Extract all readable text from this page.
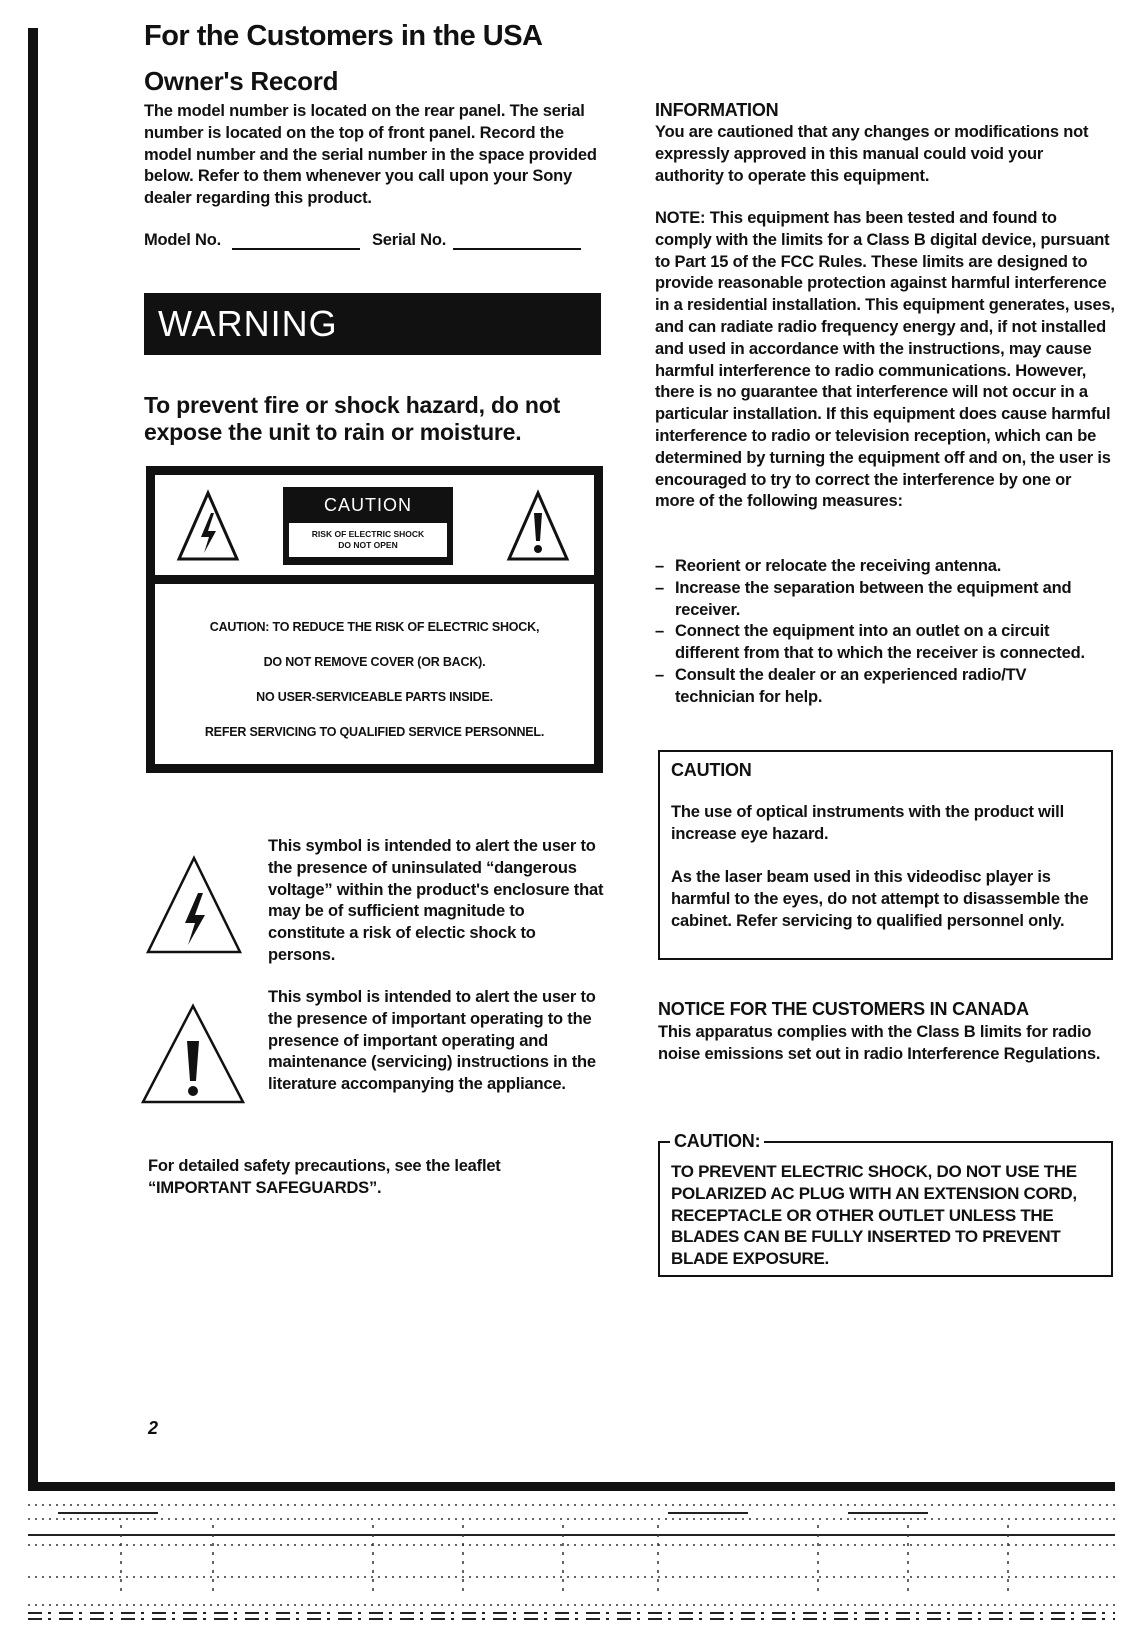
For the Customers in the USA
Owner's Record
The model number is located on the rear panel. The serial number is located on the top of front panel. Record the model number and the serial number in the space provided below. Refer to them whenever you call upon your Sony dealer regarding this product.
Model No.	Serial No.
WARNING
To prevent fire or shock hazard, do not expose the unit to rain or moisture.
CAUTION
RISK OF ELECTRIC SHOCK
DO NOT OPEN
CAUTION: TO REDUCE THE RISK OF ELECTRIC SHOCK,
DO NOT REMOVE COVER (OR BACK).
NO USER-SERVICEABLE PARTS INSIDE.
REFER SERVICING TO QUALIFIED SERVICE PERSONNEL.
This symbol is intended to alert the user to the presence of uninsulated “dangerous voltage” within the product's enclosure that may be of sufficient magnitude to constitute a risk of electic shock to persons.
This symbol is intended to alert the user to the presence of important operating to the presence of important operating and maintenance (servicing) instructions in the literature accompanying the appliance.
For detailed safety precautions, see the leaflet “IMPORTANT SAFEGUARDS”.
2
INFORMATION
You are cautioned that any changes or modifications not expressly approved in this manual could void your authority to operate this equipment.
NOTE: This equipment has been tested and found to comply with the limits for a Class B digital device, pursuant to Part 15 of the FCC Rules. These limits are designed to provide reasonable protection against harmful interference in a residential installation. This equipment generates, uses, and can radiate radio frequency energy and, if not installed and used in accordance with the instructions, may cause harmful interference to radio communications. However, there is no guarantee that interference will not occur in a particular installation. If this equipment does cause harmful interference to radio or television reception, which can be determined by turning the equipment off and on, the user is encouraged to try to correct the interference by one or more of the following measures:
– Reorient or relocate the receiving antenna.
– Increase the separation between the equipment and receiver.
– Connect the equipment into an outlet on a circuit different from that to which the receiver is connected.
– Consult the dealer or an experienced radio/TV technician for help.
CAUTION
The use of optical instruments with the product will increase eye hazard.
As the laser beam used in this videodisc player is harmful to the eyes, do not attempt to disassemble the cabinet. Refer servicing to qualified personnel only.
NOTICE FOR THE CUSTOMERS IN CANADA
This apparatus complies with the Class B limits for radio noise emissions set out in radio Interference Regulations.
CAUTION:
TO PREVENT ELECTRIC SHOCK, DO NOT USE THE POLARIZED AC PLUG WITH AN EXTENSION CORD, RECEPTACLE OR OTHER OUTLET UNLESS THE BLADES CAN BE FULLY INSERTED TO PREVENT BLADE EXPOSURE.
